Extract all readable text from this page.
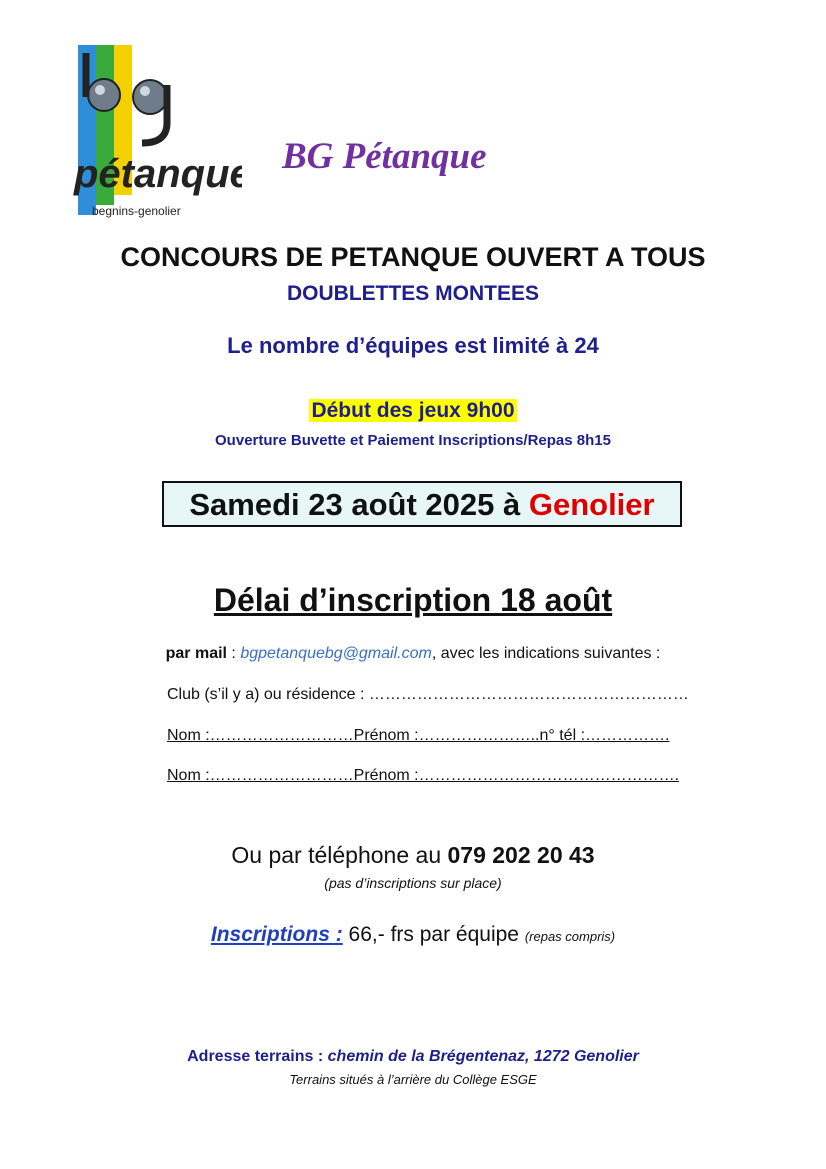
pétanque
begnins-genolier
BG Pétanque
CONCOURS DE PETANQUE OUVERT A TOUS
DOUBLETTES MONTEES
Le nombre d’équipes est limité à 24
Début des jeux 9h00
Ouverture Buvette et Paiement Inscriptions/Repas 8h15
Samedi 23 août 2025 à Genolier
Délai d’inscription 18 août
par mail : bgpetanquebg@gmail.com, avec les indications suivantes :
Club (s’il y a) ou résidence : ……………………………………………………
Nom :………………………Prénom :…………………..n° tél :…………….
Nom :………………………Prénom :………………………………………….
Ou par téléphone au 079 202 20 43
(pas d’inscriptions sur place)
Inscriptions : 66,- frs par équipe (repas compris)
Adresse terrains : chemin de la Brégentenaz, 1272 Genolier
Terrains situés à l’arrière du Collège ESGE
